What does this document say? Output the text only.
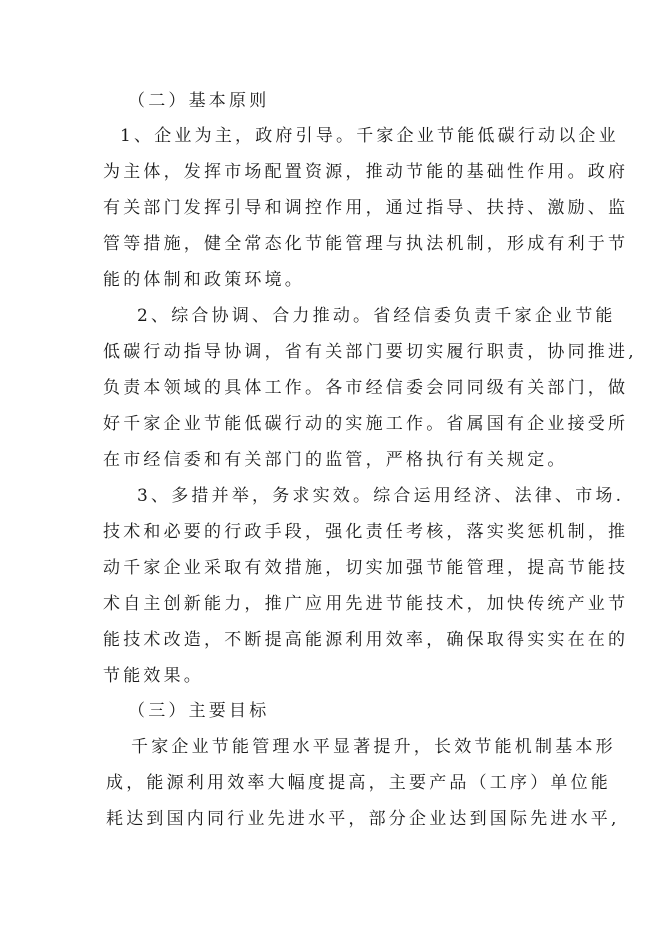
（二）基本原则
1、企业为主，政府引导。千家企业节能低碳行动以企业
为主体，发挥市场配置资源，推动节能的基础性作用。政府
有关部门发挥引导和调控作用，通过指导、扶持、激励、监
管等措施，健全常态化节能管理与执法机制，形成有利于节
能的体制和政策环境。
2、综合协调、合力推动。省经信委负责千家企业节能
低碳行动指导协调，省有关部门要切实履行职责，协同推进,
负责本领域的具体工作。各市经信委会同同级有关部门，做
好千家企业节能低碳行动的实施工作。省属国有企业接受所
在市经信委和有关部门的监管，严格执行有关规定。
3、多措并举，务求实效。综合运用经济、法律、市场.
技术和必要的行政手段，强化责任考核，落实奖惩机制，推
动千家企业采取有效措施，切实加强节能管理，提高节能技
术自主创新能力，推广应用先进节能技术，加快传统产业节
能技术改造，不断提高能源利用效率，确保取得实实在在的
节能效果。
（三）主要目标
千家企业节能管理水平显著提升，长效节能机制基本形
成，能源利用效率大幅度提高，主要产品（工序）单位能
耗达到国内同行业先进水平，部分企业达到国际先进水平,
